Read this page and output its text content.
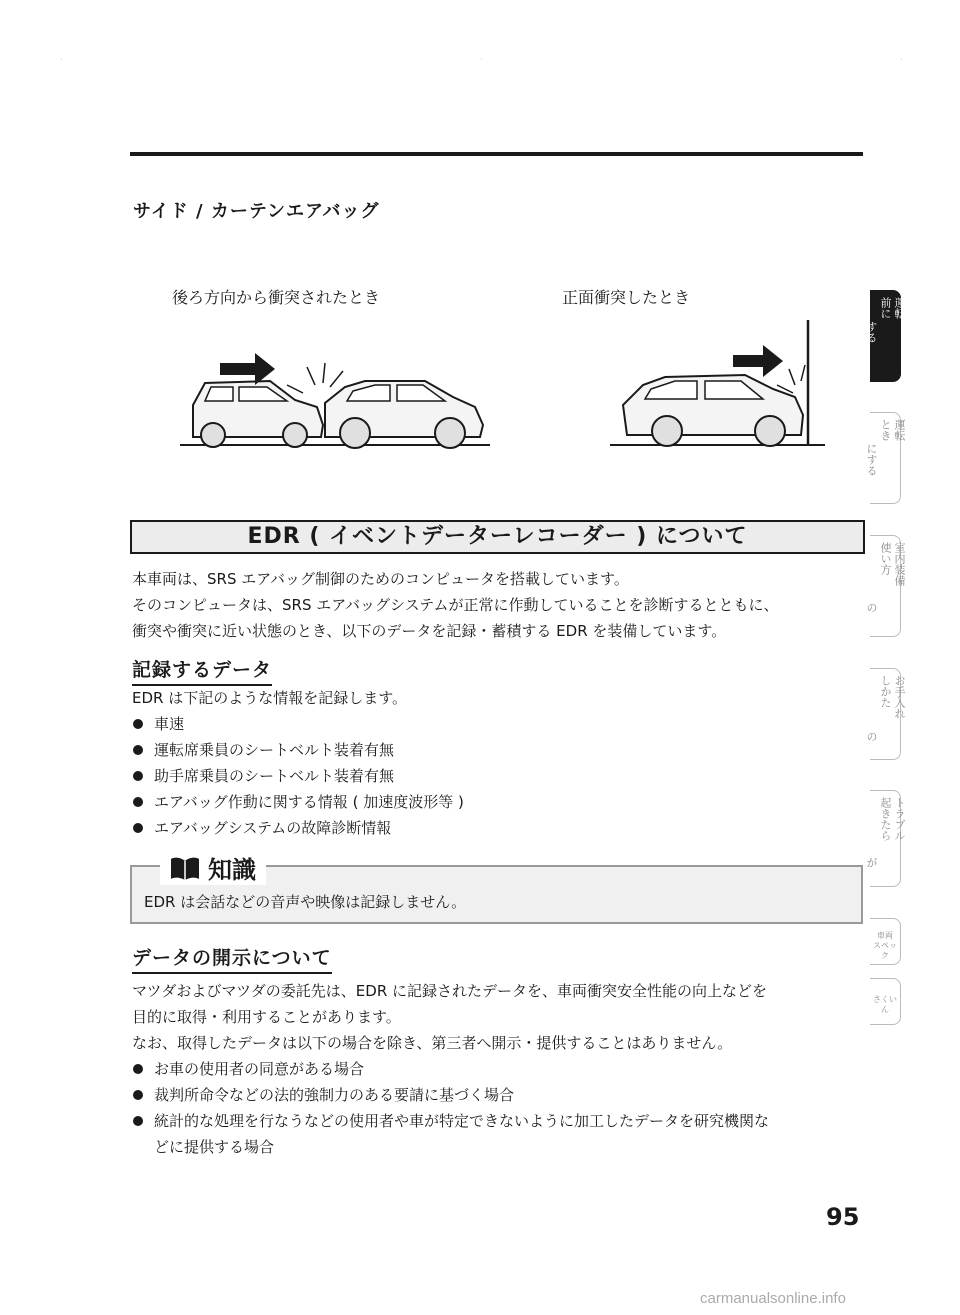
·	·	·
サイド / カーテンエアバッグ
後ろ方向から衝突されたとき	正面衝突したとき
EDR ( イベントデーターレコーダー ) について
本車両は、SRS エアバッグ制御のためのコンピュータを搭載しています。
そのコンピュータは、SRS エアバッグシステムが正常に作動していることを診断するとともに、
衝突や衝突に近い状態のとき、以下のデータを記録・蓄積する EDR を装備しています。
記録するデータ
EDR は下記のような情報を記録します。
車速
運転席乗員のシートベルト装着有無
助手席乗員のシートベルト装着有無
エアバッグ作動に関する情報 ( 加速度波形等 )
エアバッグシステムの故障診断情報
EDR は会話などの音声や映像は記録しません。
知識
データの開示について
マツダおよびマツダの委託先は、EDR に記録されたデータを、車両衝突安全性能の向上などを
目的に取得・利用することがあります。
なお、取得したデータは以下の場合を除き、第三者へ開示・提供することはありません。
お車の使用者の同意がある場合
裁判所命令などの法的強制力のある要請に基づく場合
統計的な処理を行なうなどの使用者や車が特定できないように加工したデータを研究機関な
どに提供する場合
95
運転
前に
する
運転
とき
にする
室内装備
使い方
の
お手入れ
しかた
の
トラブル
起きたら
が
車両
スペック
さくいん
carmanualsonline.info
